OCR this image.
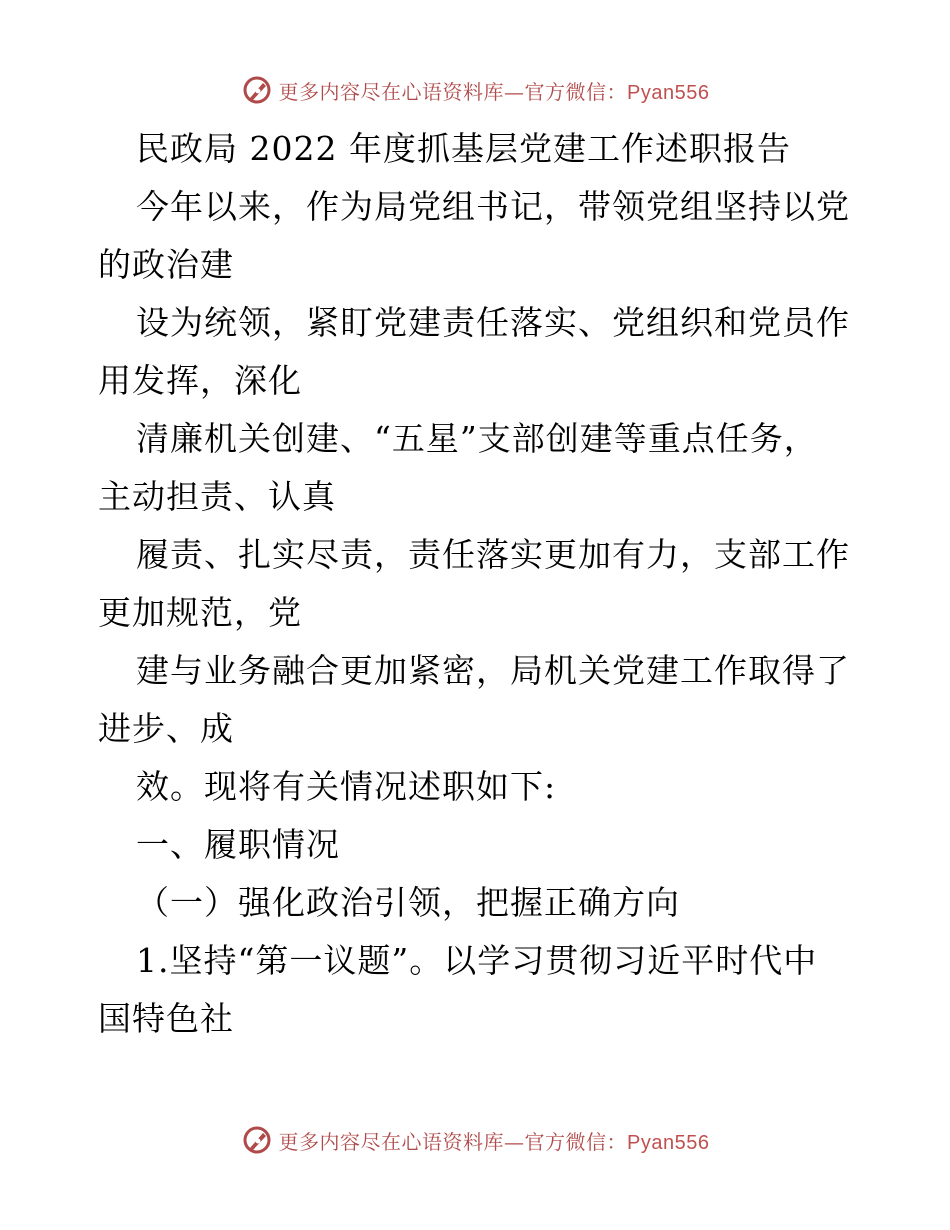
更多内容尽在心语资料库—官方微信：Pyan556
民政局 2022 年度抓基层党建工作述职报告
今年以来，作为局党组书记，带领党组坚持以党
的政治建
设为统领，紧盯党建责任落实、党组织和党员作
用发挥，深化
清廉机关创建、“五星”支部创建等重点任务，
主动担责、认真
履责、扎实尽责，责任落实更加有力，支部工作
更加规范，党
建与业务融合更加紧密，局机关党建工作取得了
进步、成
效。现将有关情况述职如下:
一、履职情况
（一）强化政治引领，把握正确方向
1.坚持“第一议题”。以学习贯彻习近平时代中
国特色社
更多内容尽在心语资料库—官方微信：Pyan556
